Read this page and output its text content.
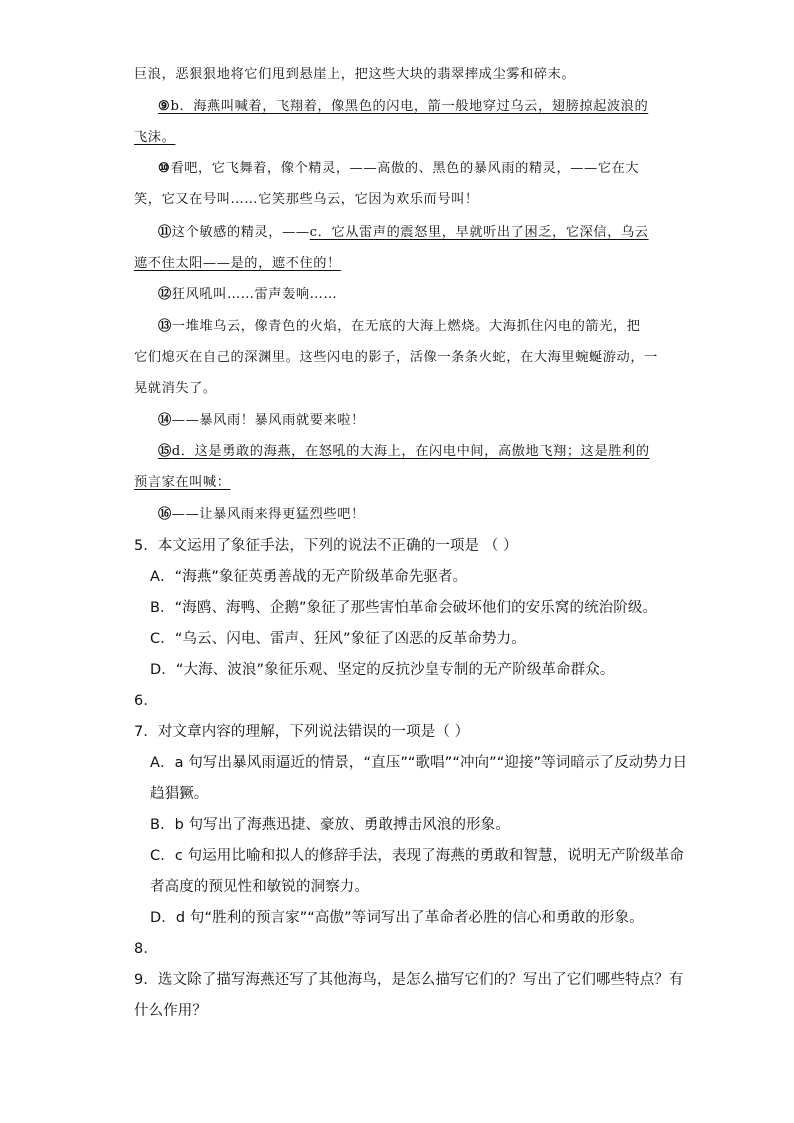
巨浪，恶狠狠地将它们甩到悬崖上，把这些大块的翡翠摔成尘雾和碎末。
⑨b．海燕叫喊着，飞翔着，像黑色的闪电，箭一般地穿过乌云，翅膀掠起波浪的
飞沫。
⑩看吧，它飞舞着，像个精灵，——高傲的、黑色的暴风雨的精灵，——它在大
笑，它又在号叫……它笑那些乌云，它因为欢乐而号叫！
⑪这个敏感的精灵，——c．它从雷声的震怒里，早就听出了困乏，它深信，乌云
遮不住太阳——是的，遮不住的！
⑫狂风吼叫……雷声轰响……
⑬一堆堆乌云，像青色的火焰，在无底的大海上燃烧。大海抓住闪电的箭光，把
它们熄灭在自己的深渊里。这些闪电的影子，活像一条条火蛇，在大海里蜿蜒游动，一
晃就消失了。
⑭——暴风雨！暴风雨就要来啦！
⑮d．这是勇敢的海燕，在怒吼的大海上，在闪电中间，高傲地飞翔；这是胜利的
预言家在叫喊：
⑯——让暴风雨来得更猛烈些吧！
5．本文运用了象征手法，下列的说法不正确的一项是 （ ）
A．“海燕”象征英勇善战的无产阶级革命先驱者。
B．“海鸥、海鸭、企鹅”象征了那些害怕革命会破坏他们的安乐窝的统治阶级。
C．“乌云、闪电、雷声、狂风”象征了凶恶的反革命势力。
D．“大海、波浪”象征乐观、坚定的反抗沙皇专制的无产阶级革命群众。
6．
7．对文章内容的理解，下列说法错误的一项是（ ）
A．a 句写出暴风雨逼近的情景，“直压”“歌唱”“冲向”“迎接”等词暗示了反动势力日
趋猖獗。
B．b 句写出了海燕迅捷、豪放、勇敢搏击风浪的形象。
C．c 句运用比喻和拟人的修辞手法，表现了海燕的勇敢和智慧，说明无产阶级革命
者高度的预见性和敏锐的洞察力。
D．d 句“胜利的预言家”“高傲”等词写出了革命者必胜的信心和勇敢的形象。
8．
9．选文除了描写海燕还写了其他海鸟，是怎么描写它们的？写出了它们哪些特点？有
什么作用？
